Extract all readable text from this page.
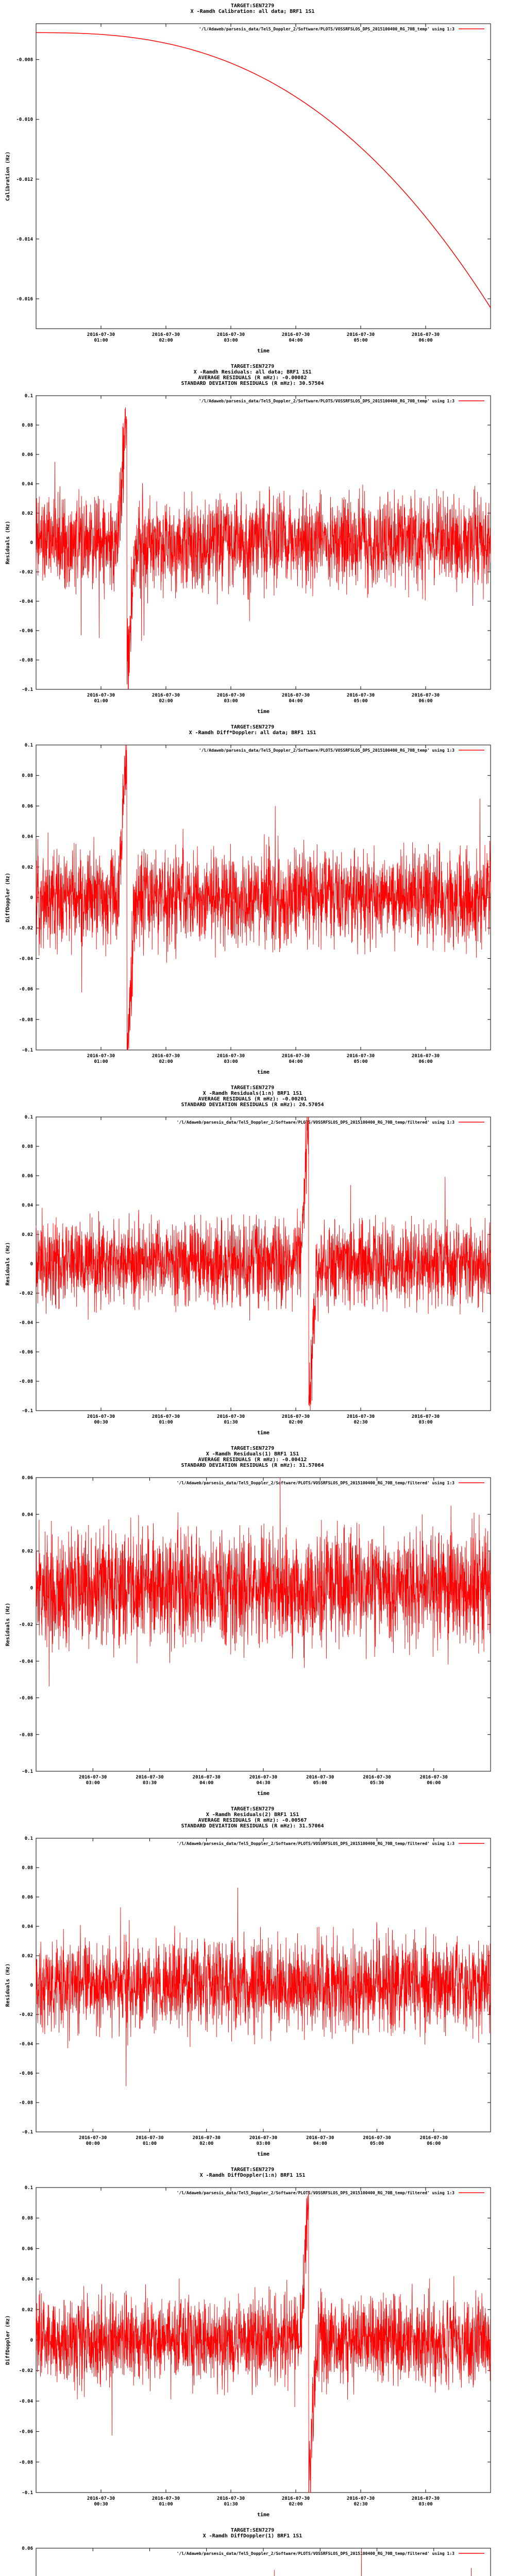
TARGET:SEN7279
X -Ramdh Calibration: all data; BRF1 1S1
-0.008
-0.010
-0.012
-0.014
-0.016
2016-07-30 01:00
2016-07-30 02:00
2016-07-30 03:00
2016-07-30 04:00
2016-07-30 05:00
2016-07-30 06:00
time
Calibration (Hz)
'/l/Adaweb/parsesis_data/Tel5_Doppler_2/Software/PLOTS/VOSSRFSLOS_DPS_2015100400_RG_70B_temp' using 1:3
TARGET:SEN7279
X -Ramdh Residuals: all data; BRF1 1S1
AVERAGE RESIDUALS (R mHz): -0.00082
STANDARD DEVIATION RESIDUALS (R mHz): 30.57504
0.1
0.08
0.06
0.04
0.02
0
-0.02
-0.04
-0.06
-0.08
-0.1
2016-07-30 01:00
2016-07-30 02:00
2016-07-30 03:00
2016-07-30 04:00
2016-07-30 05:00
2016-07-30 06:00
time
Residuals (Hz)
'/l/Adaweb/parsesis_data/Tel5_Doppler_2/Software/PLOTS/VOSSRFSLOS_DPS_2015100400_RG_70B_temp' using 1:3
TARGET:SEN7279
X -Ramdh Diff*Doppler: all data; BRF1 1S1
0.1
0.08
0.06
0.04
0.02
0
-0.02
-0.04
-0.06
-0.08
-0.1
2016-07-30 01:00
2016-07-30 02:00
2016-07-30 03:00
2016-07-30 04:00
2016-07-30 05:00
2016-07-30 06:00
time
DiffDoppler (Hz)
'/l/Adaweb/parsesis_data/Tel5_Doppler_2/Software/PLOTS/VOSSRFSLOS_DPS_2015100400_RG_70B_temp' using 1:3
TARGET:SEN7279
X -Ramdh Residuals(1:n) BRF1 1S1
AVERAGE RESIDUALS (R mHz): -0.00201
STANDARD DEVIATION RESIDUALS (R mHz): 26.57054
0.1
0.08
0.06
0.04
0.02
0
-0.02
-0.04
-0.06
-0.08
-0.1
2016-07-30 00:30
2016-07-30 01:00
2016-07-30 01:30
2016-07-30 02:00
2016-07-30 02:30
2016-07-30 03:00
time
Residuals (Hz)
'/l/Adaweb/parsesis_data/Tel5_Doppler_2/Software/PLOTS/VOSSRFSLOS_DPS_2015100400_RG_70B_temp/filtered' using 1:3
TARGET:SEN7279
X -Ramdh Residuals(1) BRF1 1S1
AVERAGE RESIDUALS (R mHz): -0.00412
STANDARD DEVIATION RESIDUALS (R mHz): 31.57064
0.06
0.04
0.02
0
-0.02
-0.04
-0.06
-0.08
-0.1
2016-07-30 03:00
2016-07-30 03:30
2016-07-30 04:00
2016-07-30 04:30
2016-07-30 05:00
2016-07-30 05:30
2016-07-30 06:00
time
Residuals (Hz)
'/l/Adaweb/parsesis_data/Tel5_Doppler_2/Software/PLOTS/VOSSRFSLOS_DPS_2015100400_RG_70B_temp/filtered' using 1:3
TARGET:SEN7279
X -Ramdh Residuals(2) BRF1 1S1
AVERAGE RESIDUALS (R mHz): -0.00567
STANDARD DEVIATION RESIDUALS (R mHz): 31.57064
0.1
0.08
0.06
0.04
0.02
0
-0.02
-0.04
-0.06
-0.08
-0.1
2016-07-30 00:00
2016-07-30 01:00
2016-07-30 02:00
2016-07-30 03:00
2016-07-30 04:00
2016-07-30 05:00
2016-07-30 06:00
time
Residuals (Hz)
'/l/Adaweb/parsesis_data/Tel5_Doppler_2/Software/PLOTS/VOSSRFSLOS_DPS_2015100400_RG_70B_temp/filtered' using 1:3
TARGET:SEN7279
X -Ramdh DiffDoppler(1:n) BRF1 1S1
0.1
0.08
0.06
0.04
0.02
0
-0.02
-0.04
-0.06
-0.08
-0.1
2016-07-30 00:30
2016-07-30 01:00
2016-07-30 01:30
2016-07-30 02:00
2016-07-30 02:30
2016-07-30 03:00
time
DiffDoppler (Hz)
'/l/Adaweb/parsesis_data/Tel5_Doppler_2/Software/PLOTS/VOSSRFSLOS_DPS_2015100400_RG_70B_temp/filtered' using 1:3
TARGET:SEN7279
X -Ramdh DiffDoppler(1) BRF1 1S1
0.06
'/l/Adaweb/parsesis_data/Tel5_Doppler_2/Software/PLOTS/VOSSRFSLOS_DPS_2015100400_RG_70B_temp/filtered' using 1:3
